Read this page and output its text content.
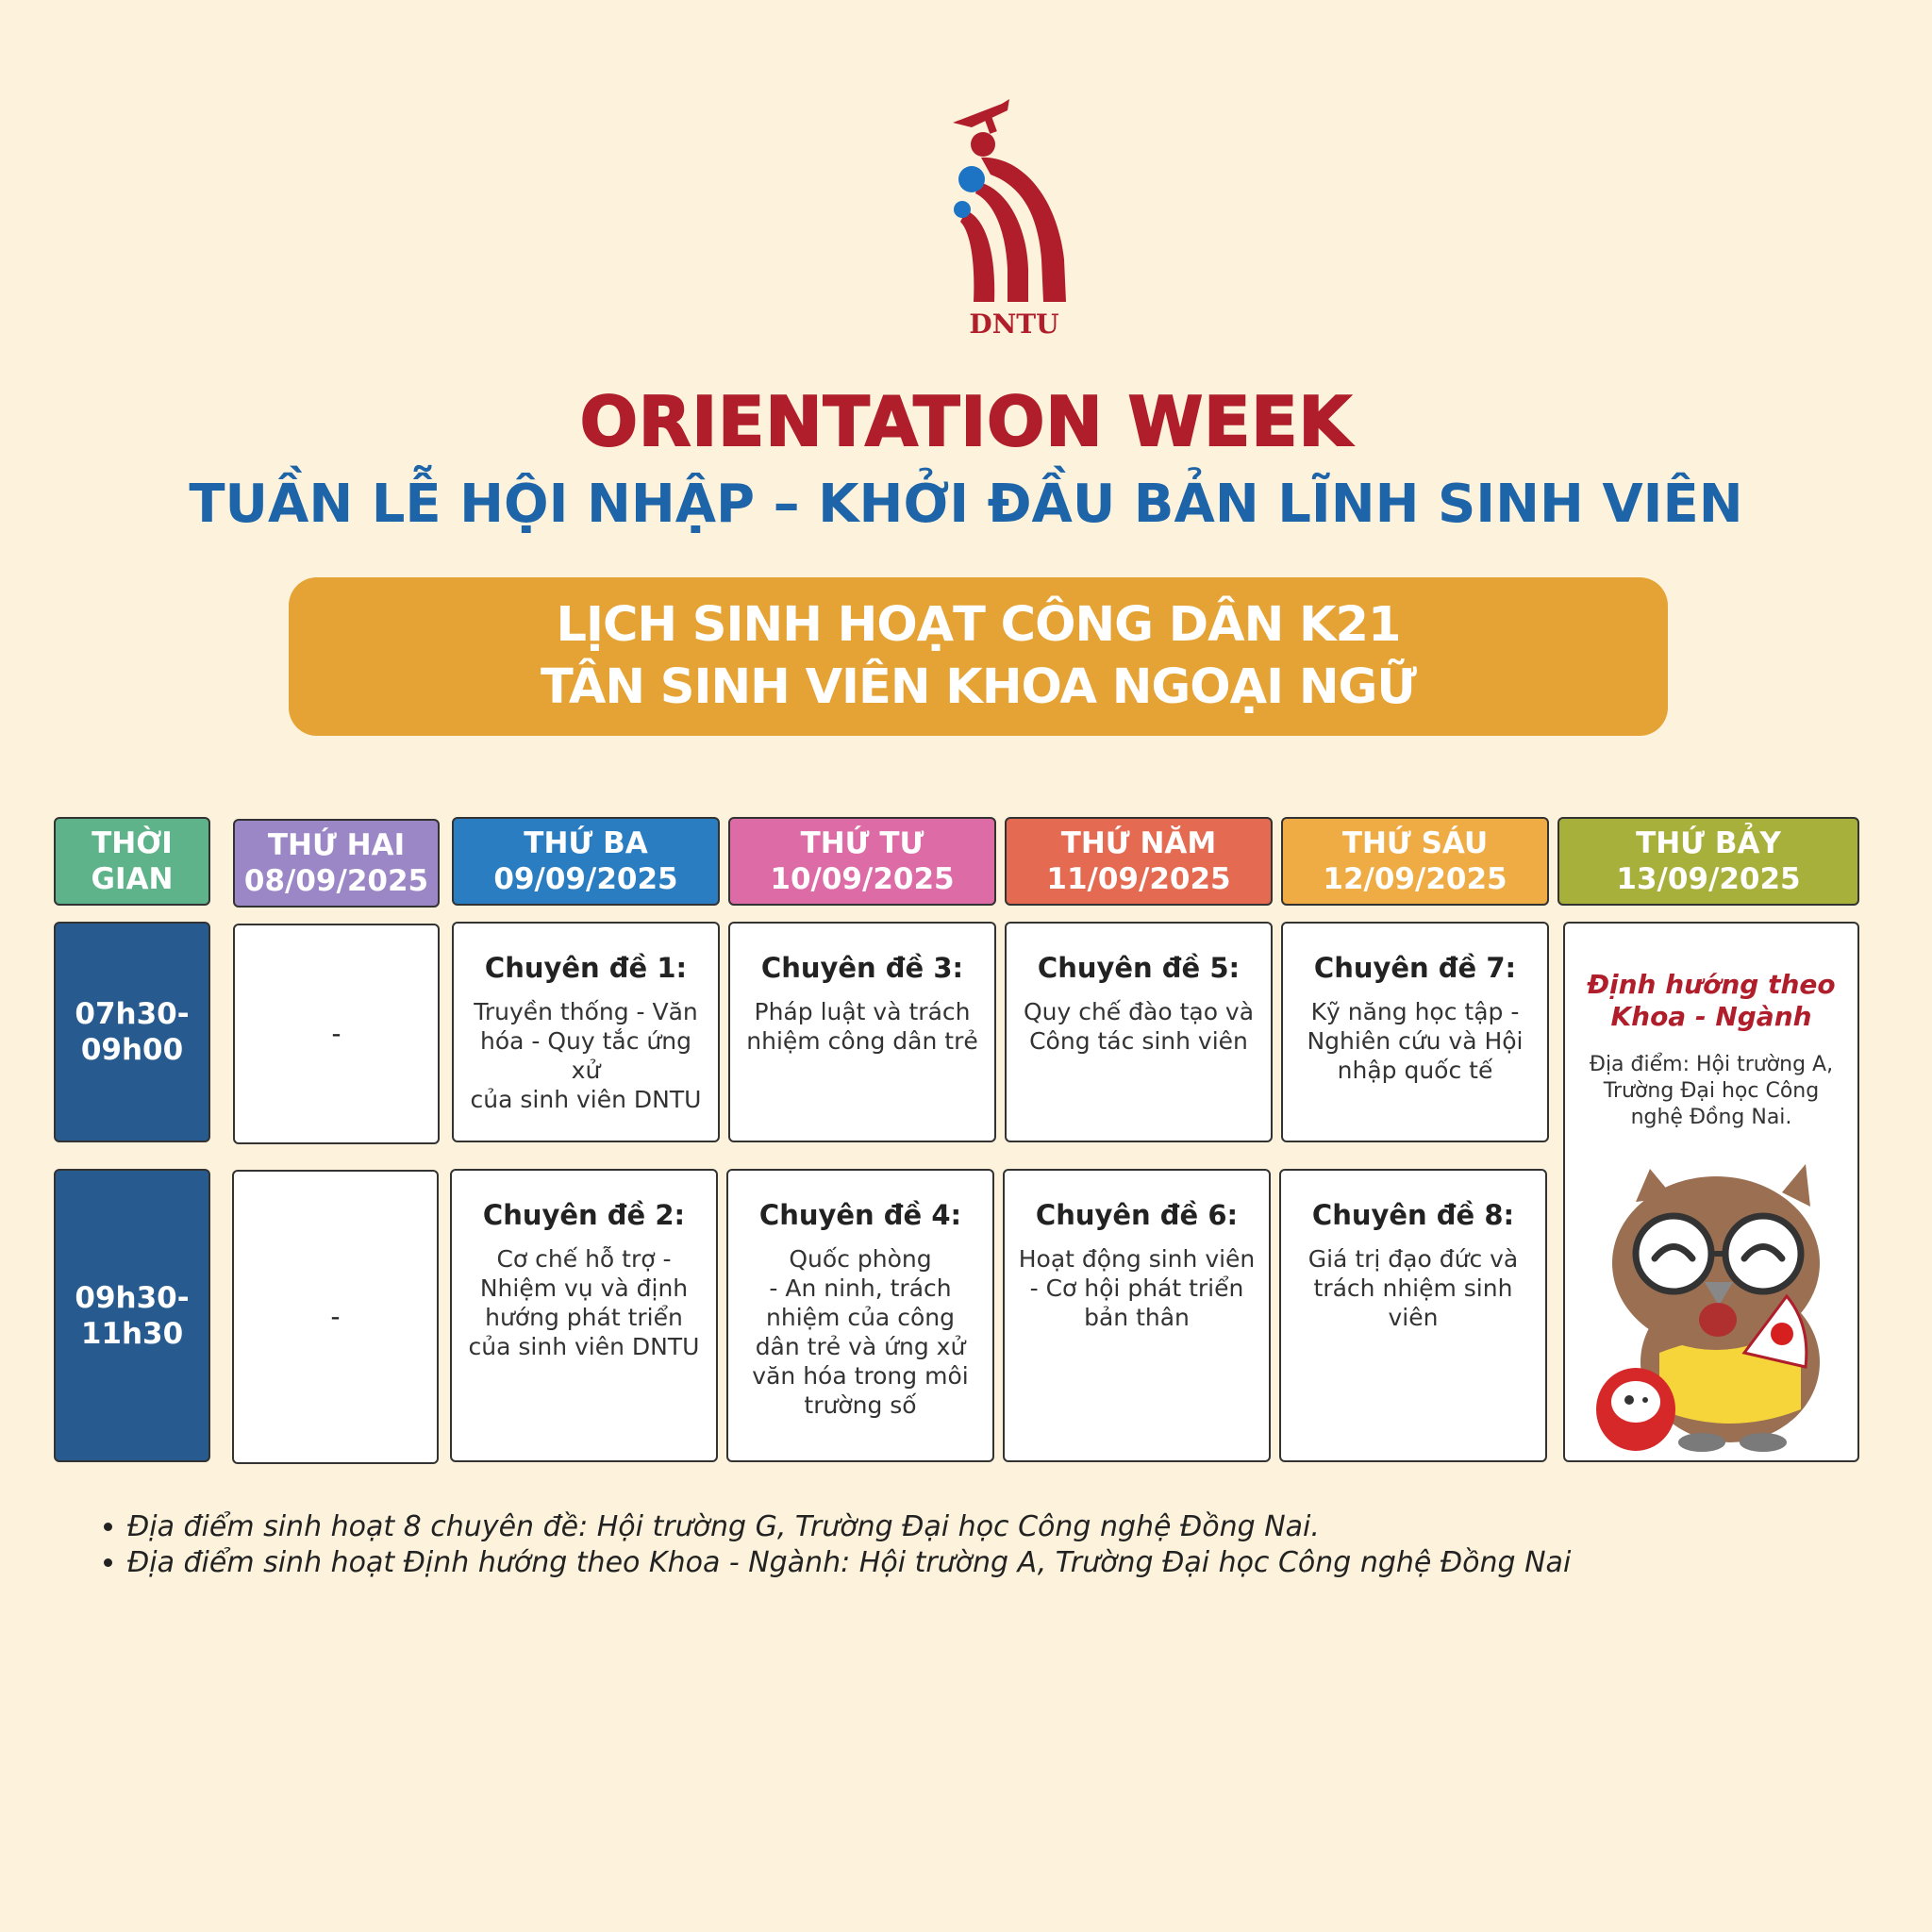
DNTU
ORIENTATION WEEK
TUẦN LỄ HỘI NHẬP – KHỞI ĐẦU BẢN LĨNH SINH VIÊN
LỊCH SINH HOẠT CÔNG DÂN K21
TÂN SINH VIÊN KHOA NGOẠI NGỮ
THỜI
GIAN
THỨ HAI
08/09/2025
THỨ BA
09/09/2025
THỨ TƯ
10/09/2025
THỨ NĂM
11/09/2025
THỨ SÁU
12/09/2025
THỨ BẢY
13/09/2025
07h30-
09h00
09h30-
11h30
-
-
Chuyên đề 1:
Truyền thống - Văn
hóa - Quy tắc ứng xử
của sinh viên DNTU
Chuyên đề 3:
Pháp luật và trách
nhiệm công dân trẻ
Chuyên đề 5:
Quy chế đào tạo và
Công tác sinh viên
Chuyên đề 7:
Kỹ năng học tập -
Nghiên cứu và Hội
nhập quốc tế
Chuyên đề 2:
Cơ chế hỗ trợ -
Nhiệm vụ và định
hướng phát triển
của sinh viên DNTU
Chuyên đề 4:
Quốc phòng
- An ninh, trách
nhiệm của công
dân trẻ và ứng xử
văn hóa trong môi
trường số
Chuyên đề 6:
Hoạt động sinh viên
- Cơ hội phát triển
bản thân
Chuyên đề 8:
Giá trị đạo đức và
trách nhiệm sinh
viên
Định hướng theo
Khoa - Ngành
Địa điểm: Hội trường A,
Trường Đại học Công
nghệ Đồng Nai.
• Địa điểm sinh hoạt 8 chuyên đề: Hội trường G, Trường Đại học Công nghệ Đồng Nai.
• Địa điểm sinh hoạt Định hướng theo Khoa - Ngành: Hội trường A, Trường Đại học Công nghệ Đồng Nai
